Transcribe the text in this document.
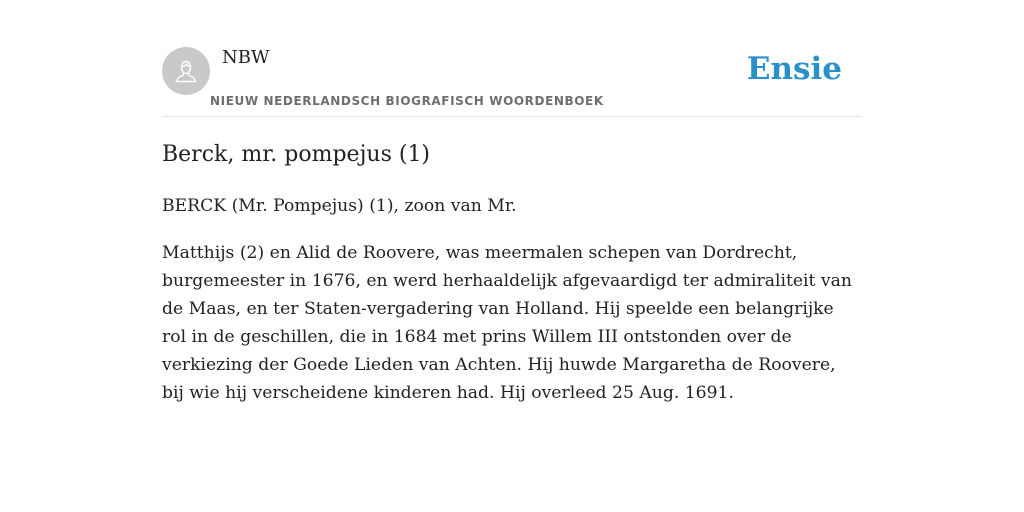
NBW
NIEUW NEDERLANDSCH BIOGRAFISCH WOORDENBOEK
Ensie
Berck, mr. pompejus (1)

BERCK (Mr. Pompejus) (1), zoon van Mr.

Matthijs (2) en Alid de Roovere, was meermalen schepen van Dordrecht, burgemeester in 1676, en werd herhaaldelijk afgevaardigd ter admiraliteit van de Maas, en ter Staten-vergadering van Holland. Hij speelde een belangrijke rol in de geschillen, die in 1684 met prins Willem III ontstonden over de verkiezing der Goede Lieden van Achten. Hij huwde Margaretha de Roovere, bij wie hij verscheidene kinderen had. Hij overleed 25 Aug. 1691.
